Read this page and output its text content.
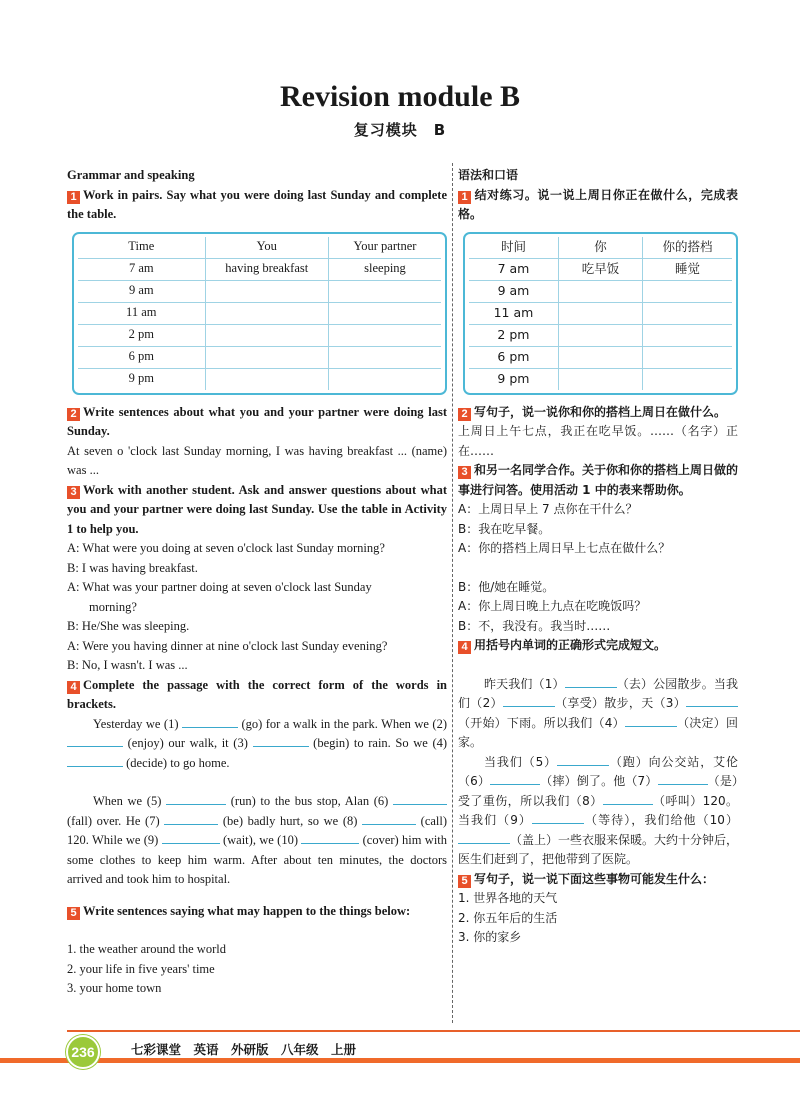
Revision module B
复习模块　B
Grammar and speaking

1 Work in pairs. Say what you were doing last Sunday and complete the table.

Time	You	Your partner
7 am	having breakfast	sleeping
9 am		
11 am		
2 pm		
6 pm		
9 pm		

2 Write sentences about what you and your partner were doing last Sunday.

At seven o 'clock last Sunday morning, I was having breakfast ... (name) was ...

3 Work with another student. Ask and answer questions about what you and your partner were doing last Sunday. Use the table in Activity 1 to help you.

A: What were you doing at seven o'clock last Sunday morning?
B: I was having breakfast.
A: What was your partner doing at seven o'clock last Sunday
morning?
B: He/She was sleeping.
A: Were you having dinner at nine o'clock last Sunday evening?
B: No, I wasn't. I was ...

4 Complete the passage with the correct form of the words in brackets.

Yesterday we (1)	(go) for a walk in the park. When we (2)  (enjoy) our walk, it (3)	(begin) to rain. So we (4)  (decide) to go home.

When we (5)	(run) to the bus stop, Alan (6)  (fall) over. He (7)	(be) badly hurt, so we (8)	(call) 120. While we (9)	(wait), we (10)	(cover) him with some clothes to keep him warm. After about ten minutes, the doctors arrived and took him to hospital.

5 Write sentences saying what may happen to the things below:

1. the weather around the world
2. your life in five years' time
3. your home town
语法和口语

1 结对练习。说一说上周日你正在做什么，完成表格。

时间	你	你的搭档
7 am	吃早饭	睡觉
9 am		
11 am		
2 pm		
6 pm		
9 pm		

2 写句子，说一说你和你的搭档上周日在做什么。

上周日上午七点，我正在吃早饭。……（名字）正在……

3 和另一名同学合作。关于你和你的搭档上周日做的事进行问答。使用活动 1 中的表来帮助你。

A：上周日早上 7 点你在干什么？
B：我在吃早餐。
A：你的搭档上周日早上七点在做什么？
B：他/她在睡觉。
A：你上周日晚上九点在吃晚饭吗？
B：不，我没有。我当时……

4 用括号内单词的正确形式完成短文。

昨天我们（1）	（去）公园散步。当我们（2）	（享受）散步，天（3）（开始）下雨。所以我们（4）	（决定）回家。

当我们（5）	（跑）向公交站，艾伦（6）	（摔）倒了。他（7）	（是）受了重伤，所以我们（8）	（呼叫）120。当我们（9）	（等待），我们给他（10）（盖上）一些衣服来保暖。大约十分钟后，医生们赶到了，把他带到了医院。

5 写句子，说一说下面这些事物可能发生什么：

1. 世界各地的天气
2. 你五年后的生活
3. 你的家乡
236	七彩课堂　英语　外研版　八年级　上册
